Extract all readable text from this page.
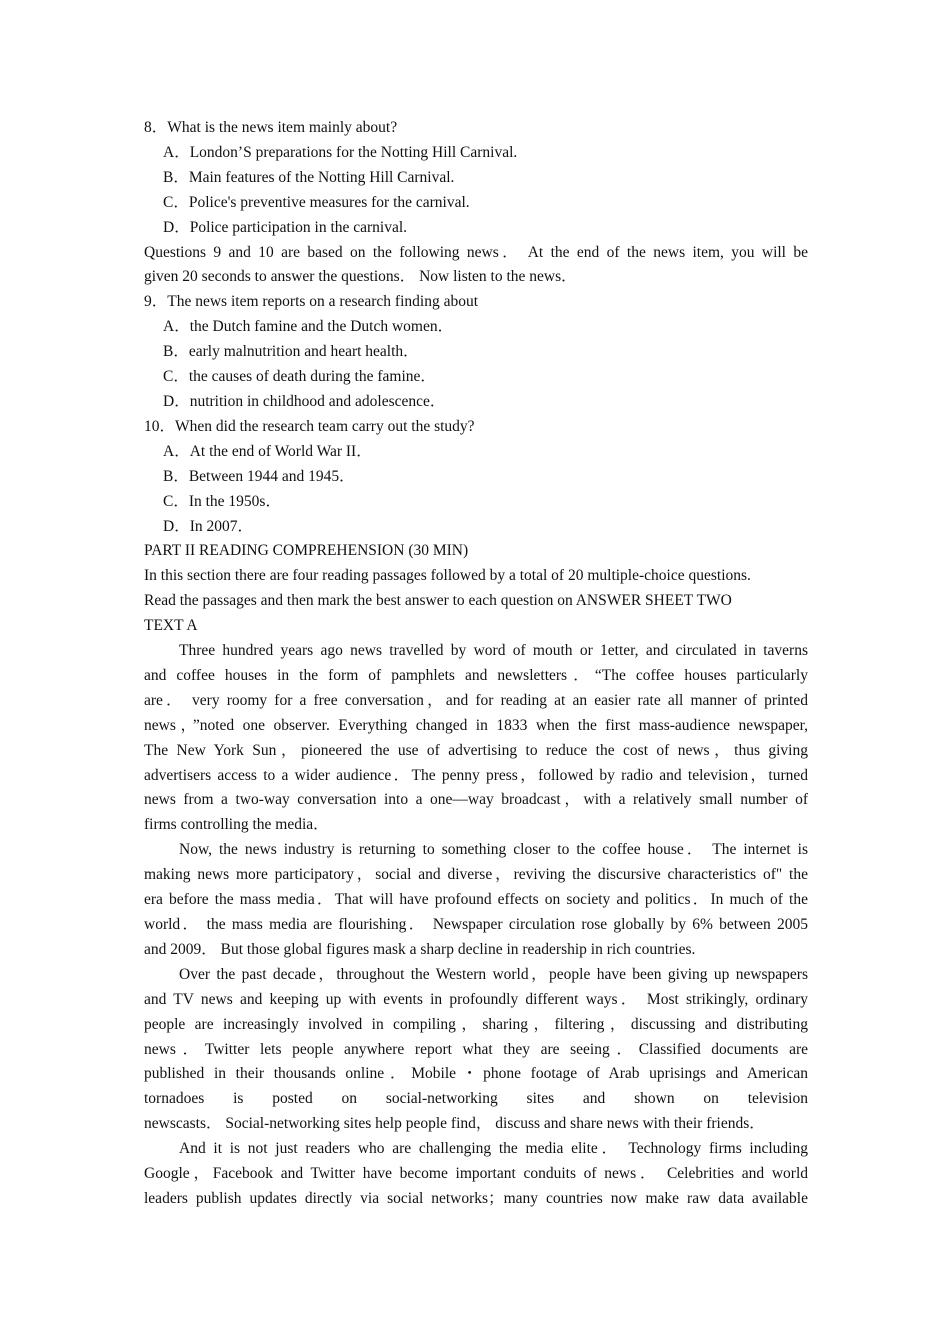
8．What is the news item mainly about?
A．London’S preparations for the Notting Hill Carnival.
B．Main features of the Notting Hill Carnival.
C．Police's preventive measures for the carnival.
D．Police participation in the carnival.
Questions 9 and 10 are based on the following news． At the end of the news item, you will be
given 20 seconds to answer the questions． Now listen to the news．
9．The news item reports on a research finding about
A．the Dutch famine and the Dutch women．
B．early malnutrition and heart health．
C．the causes of death during the famine．
D．nutrition in childhood and adolescence．
10．When did the research team carry out the study?
A．At the end of World War II．
B．Between 1944 and 1945．
C．In the 1950s．
D．In 2007．
PART II READING COMPREHENSION (30 MIN)
In this section there are four reading passages followed by a total of 20 multiple-choice questions.
Read the passages and then mark the best answer to each question on ANSWER SHEET TWO
TEXT A
Three hundred years ago news travelled by word of mouth or 1etter, and circulated in taverns
and coffee houses in the form of pamphlets and newsletters．“The coffee houses particularly
are． very roomy for a free conversation，and for reading at an easier rate all manner of printed
news，”noted one observer. Everything changed in 1833 when the first mass-audience newspaper,
The New York Sun，pioneered the use of advertising to reduce the cost of news，thus giving
advertisers access to a wider audience．The penny press，followed by radio and television，turned
news from a two-way conversation into a one—way broadcast，with a relatively small number of
firms controlling the media．
Now, the news industry is returning to something closer to the coffee house． The internet is
making news more participatory，social and diverse，reviving the discursive characteristics of" the
era before the mass media．That will have profound effects on society and politics．In much of the
world． the mass media are flourishing． Newspaper circulation rose globally by 6% between 2005
and 2009． But those global figures mask a sharp decline in readership in rich countries.
Over the past decade，throughout the Western world，people have been giving up newspapers
and TV news and keeping up with events in profoundly different ways． Most strikingly, ordinary
people are increasingly involved in compiling，sharing，filtering，discussing and distributing
news．Twitter lets people anywhere report what they are seeing．Classified documents are
published in their thousands online．Mobile・phone footage of Arab uprisings and American
tornadoes is posted on social-networking sites and shown on television
newscasts． Social-networking sites help people find， discuss and share news with their friends．
And it is not just readers who are challenging the media elite． Technology firms including
Google，Facebook and Twitter have become important conduits of news． Celebrities and world
leaders publish updates directly via social networks；many countries now make raw data available
